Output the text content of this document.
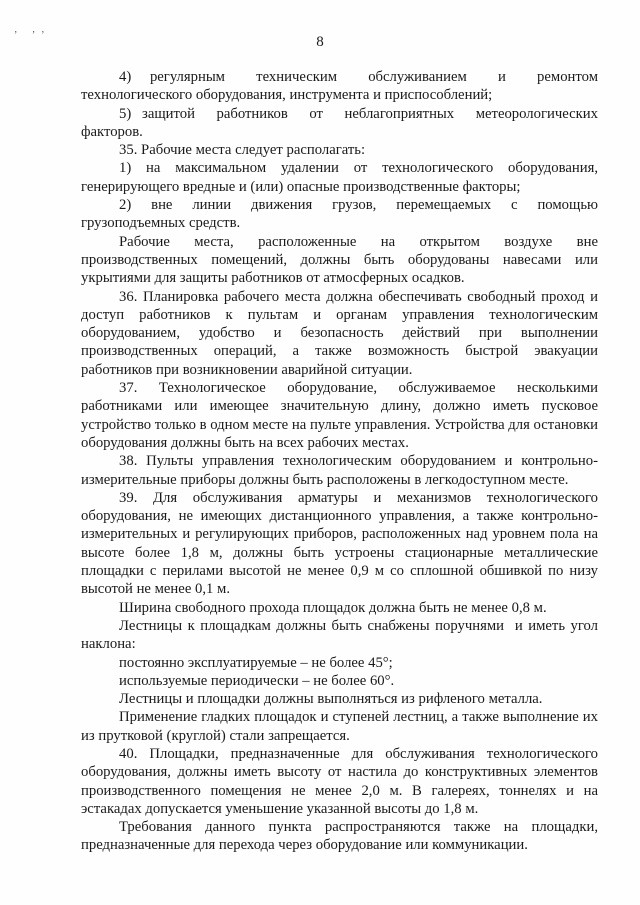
ʼ ʼʼ	8

4)   регулярным     техническим     обслуживанием     и     ремонтом технологического оборудования, инструмента и приспособлений;

5)  защитой    работников    от    неблагоприятных    метеорологических факторов.

35. Рабочие места следует располагать:

1) на максимальном удалении от технологического оборудования, генерирующего вредные и (или) опасные производственные факторы;

2)    вне    линии    движения    грузов,    перемещаемых    с    помощью грузоподъемных средств.

Рабочие    места,    расположенные    на    открытом    воздухе    вне производственных помещений, должны быть оборудованы навесами или укрытиями для защиты работников от атмосферных осадков.

36. Планировка рабочего места должна обеспечивать свободный проход и доступ работников к пультам и органам управления технологическим оборудованием, удобство и безопасность действий при выполнении производственных операций, а также возможность быстрой эвакуации работников при возникновении аварийной ситуации.

37.   Технологическое   оборудование,   обслуживаемое   несколькими работниками или имеющее значительную длину, должно иметь пусковое устройство только в одном месте на пульте управления. Устройства для остановки оборудования должны быть на всех рабочих местах.

38. Пульты управления технологическим оборудованием и контрольно-измерительные приборы должны быть расположены в легкодоступном месте.

39. Для обслуживания арматуры и механизмов технологического оборудования, не имеющих дистанционного управления, а также контрольно-измерительных и регулирующих приборов, расположенных над уровнем пола на высоте более 1,8 м, должны быть устроены стационарные металлические площадки с перилами высотой не менее 0,9 м со сплошной обшивкой по низу высотой не менее 0,1 м.

Ширина свободного прохода площадок должна быть не менее 0,8 м.

Лестницы к площадкам должны быть снабжены поручнями  и иметь угол наклона:

постоянно эксплуатируемые – не более 45°;

используемые периодически – не более 60°.

Лестницы и площадки должны выполняться из рифленого металла.

Применение гладких площадок и ступеней лестниц, а также выполнение их из прутковой (круглой) стали запрещается.

40. Площадки, предназначенные для обслуживания технологического оборудования, должны иметь высоту от настила до конструктивных элементов производственного помещения не менее 2,0 м. В галереях, тоннелях и на эстакадах допускается уменьшение указанной высоты до 1,8 м.

Требования данного пункта распространяются также на площадки, предназначенные для перехода через оборудование или коммуникации.
